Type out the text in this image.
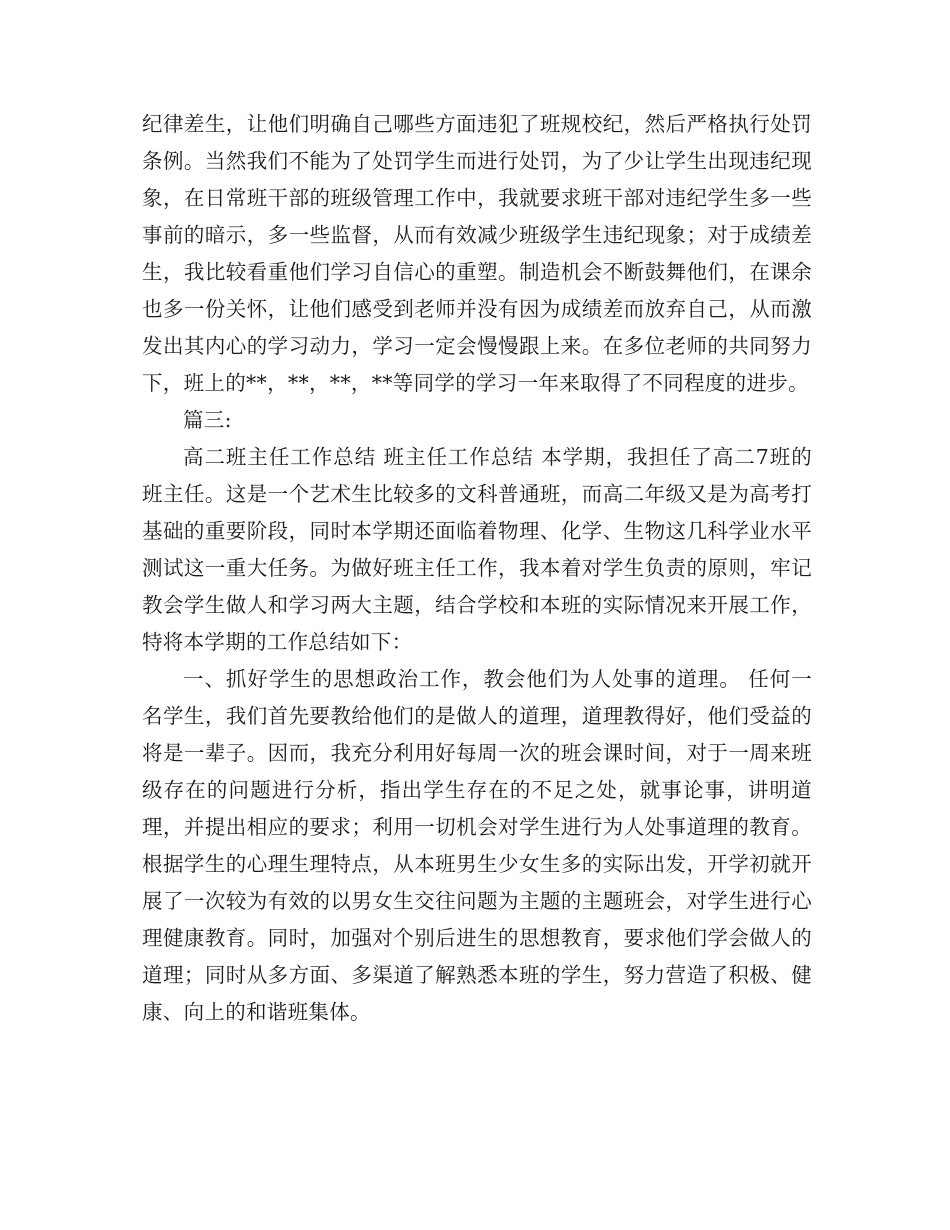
纪律差生，让他们明确自己哪些方面违犯了班规校纪，然后严格执行处罚条例。当然我们不能为了处罚学生而进行处罚，为了少让学生出现违纪现象，在日常班干部的班级管理工作中，我就要求班干部对违纪学生多一些事前的暗示，多一些监督，从而有效减少班级学生违纪现象；对于成绩差生，我比较看重他们学习自信心的重塑。制造机会不断鼓舞他们，在课余也多一份关怀，让他们感受到老师并没有因为成绩差而放弃自己，从而激发出其内心的学习动力，学习一定会慢慢跟上来。在多位老师的共同努力下，班上的**，**，**，**等同学的学习一年来取得了不同程度的进步。

篇三:

高二班主任工作总结 班主任工作总结 本学期，我担任了高二7班的班主任。这是一个艺术生比较多的文科普通班，而高二年级又是为高考打基础的重要阶段，同时本学期还面临着物理、化学、生物这几科学业水平测试这一重大任务。为做好班主任工作，我本着对学生负责的原则，牢记教会学生做人和学习两大主题，结合学校和本班的实际情况来开展工作，特将本学期的工作总结如下：

一、抓好学生的思想政治工作，教会他们为人处事的道理。 任何一名学生，我们首先要教给他们的是做人的道理，道理教得好，他们受益的将是一辈子。因而，我充分利用好每周一次的班会课时间，对于一周来班级存在的问题进行分析，指出学生存在的不足之处，就事论事，讲明道理，并提出相应的要求；利用一切机会对学生进行为人处事道理的教育。根据学生的心理生理特点，从本班男生少女生多的实际出发，开学初就开展了一次较为有效的以男女生交往问题为主题的主题班会，对学生进行心理健康教育。同时，加强对个别后进生的思想教育，要求他们学会做人的道理；同时从多方面、多渠道了解熟悉本班的学生，努力营造了积极、健康、向上的和谐班集体。
